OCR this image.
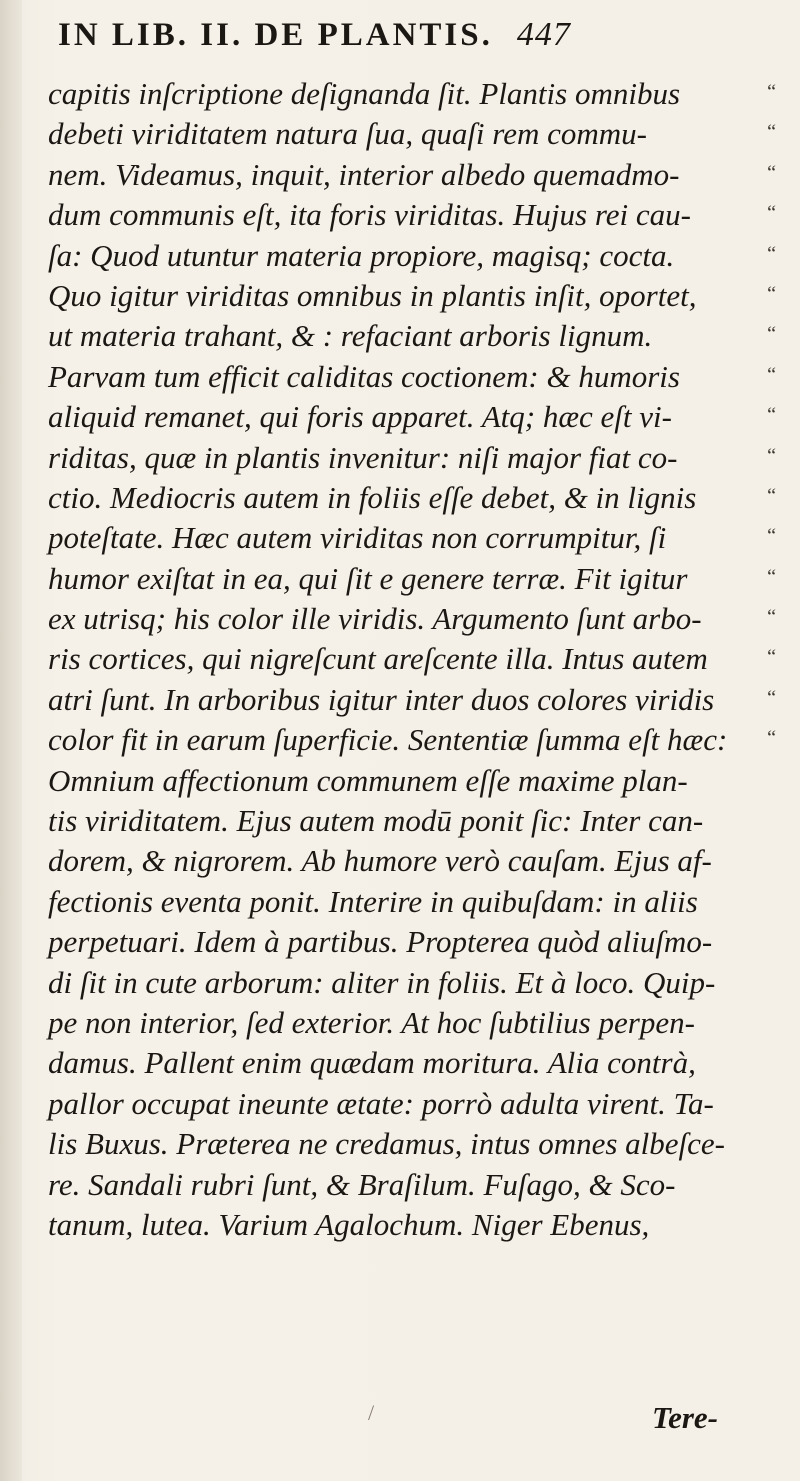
IN LIB. II. DE PLANTIS. 447
capitis inſcriptione deſignanda ſit. Plantis omnibus	“
debeti viriditatem natura ſua, quaſi rem commu-	“
nem. Videamus, inquit, interior albedo quemadmo-	“
dum communis eſt, ita foris viriditas. Hujus rei cau-	“
ſa: Quod utuntur materia propiore, magisq; cocta.	“
Quo igitur viriditas omnibus in plantis inſit, oportet,	“
ut materia trahant, & : refaciant arboris lignum.	“
Parvam tum efficit caliditas coctionem: & humoris	“
aliquid remanet, qui foris apparet. Atq; hæc eſt vi-	“
riditas, quæ in plantis invenitur: niſi major fiat co-	“
ctio. Mediocris autem in foliis eſſe debet, & in lignis	“
poteſtate. Hæc autem viriditas non corrumpitur, ſi	“
humor exiſtat in ea, qui ſit e genere terræ. Fit igitur	“
ex utrisq; his color ille viridis. Argumento ſunt arbo-	“
ris cortices, qui nigreſcunt areſcente illa. Intus autem	“
atri ſunt. In arboribus igitur inter duos colores viridis	“
color fit in earum ſuperficie. Sententiæ ſumma eſt hæc: “
Omnium affectionum communem eſſe maxime plan-
tis viriditatem. Ejus autem modū ponit ſic: Inter can-
dorem, & nigrorem. Ab humore verò cauſam. Ejus af-
fectionis eventa ponit. Interire in quibuſdam: in aliis
perpetuari. Idem à partibus. Propterea quòd aliuſmo-
di ſit in cute arborum: aliter in foliis. Et à loco. Quip-
pe non interior, ſed exterior. At hoc ſubtilius perpen-
damus. Pallent enim quædam moritura. Alia contrà,
pallor occupat ineunte ætate: porrò adulta virent. Ta-
lis Buxus. Præterea ne credamus, intus omnes albeſce-
re. Sandali rubri ſunt, & Braſilum. Fuſago, & Sco-
tanum, lutea. Varium Agalochum. Niger Ebenus,
/	Tere-
